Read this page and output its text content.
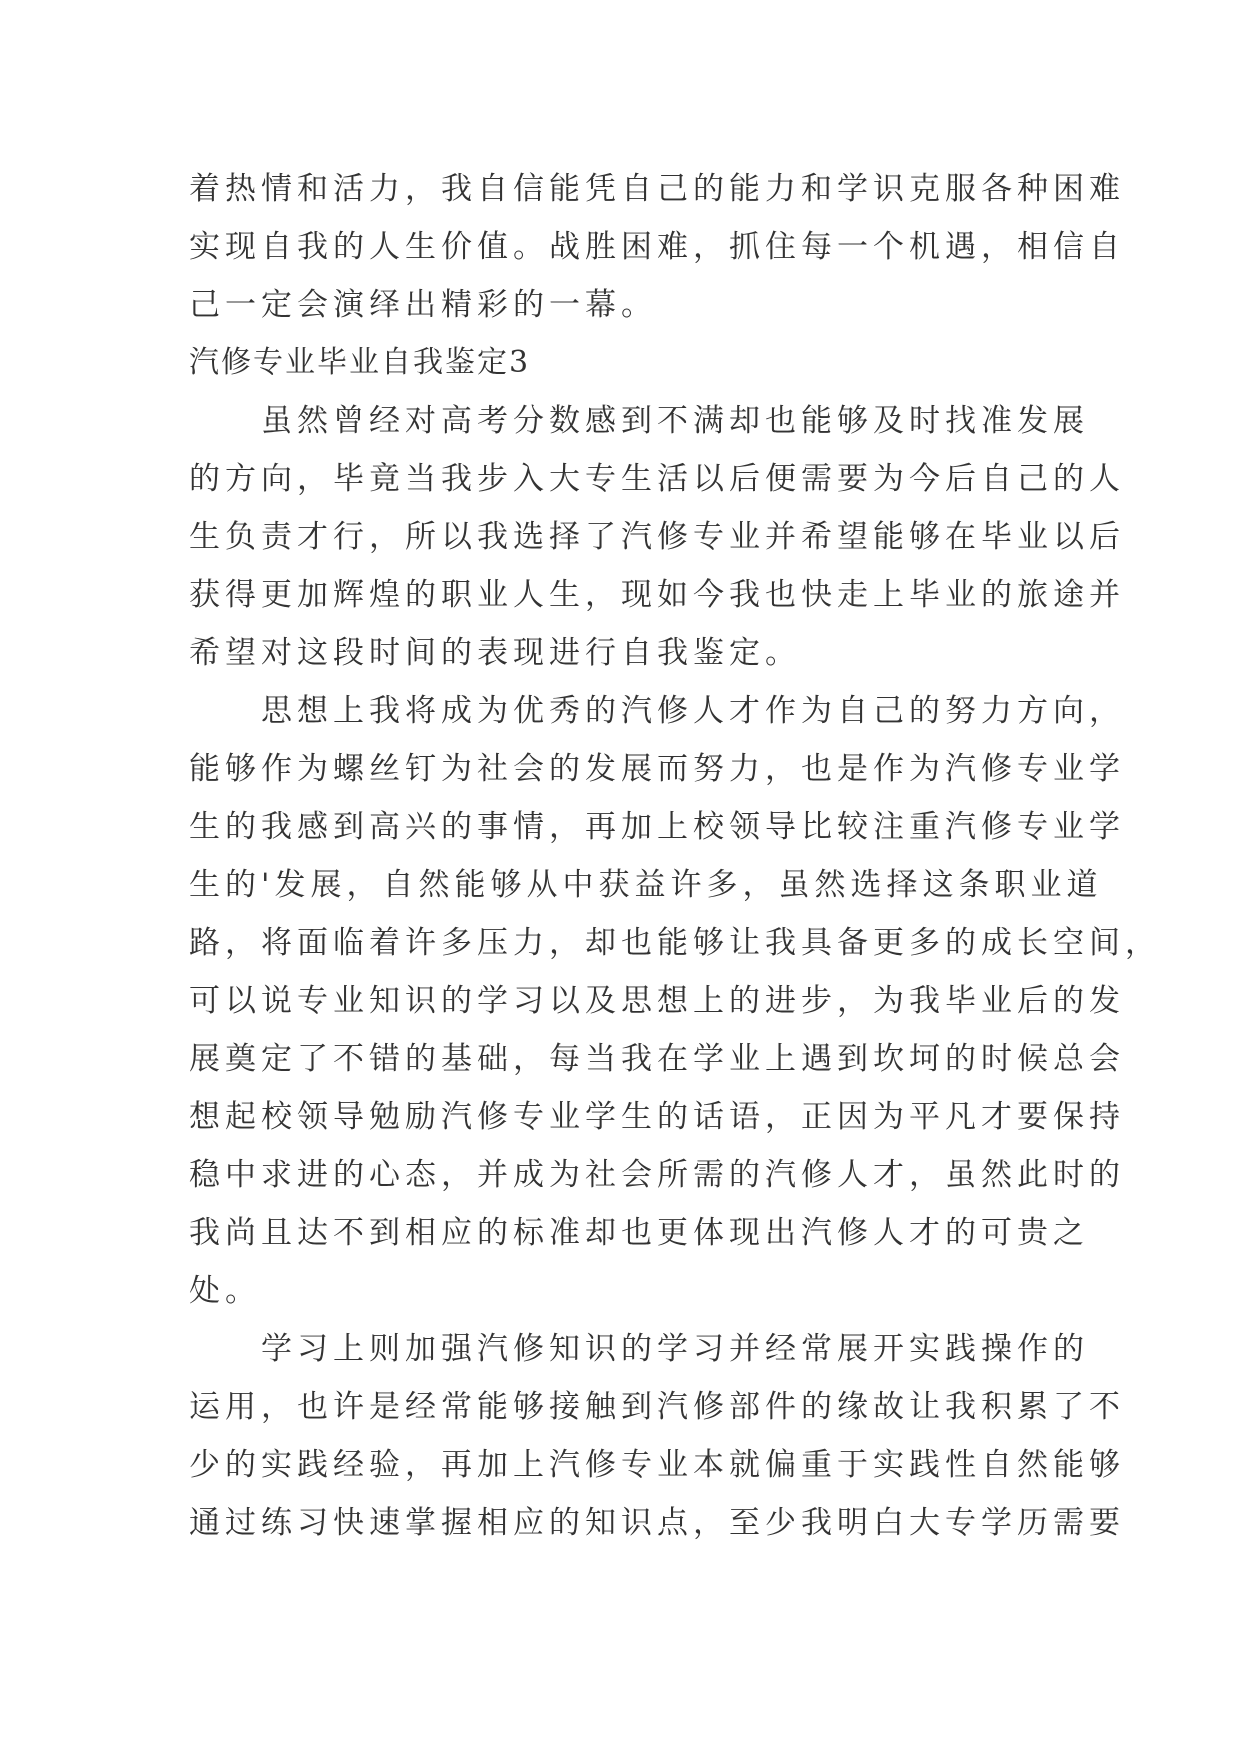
着热情和活力，我自信能凭自己的能力和学识克服各种困难
实现自我的人生价值。战胜困难，抓住每一个机遇，相信自
己一定会演绎出精彩的一幕。
汽修专业毕业自我鉴定3
虽然曾经对高考分数感到不满却也能够及时找准发展
的方向，毕竟当我步入大专生活以后便需要为今后自己的人
生负责才行，所以我选择了汽修专业并希望能够在毕业以后
获得更加辉煌的职业人生，现如今我也快走上毕业的旅途并
希望对这段时间的表现进行自我鉴定。
思想上我将成为优秀的汽修人才作为自己的努力方向，
能够作为螺丝钉为社会的发展而努力，也是作为汽修专业学
生的我感到高兴的事情，再加上校领导比较注重汽修专业学
生的'发展，自然能够从中获益许多，虽然选择这条职业道
路，将面临着许多压力，却也能够让我具备更多的成长空间，
可以说专业知识的学习以及思想上的进步，为我毕业后的发
展奠定了不错的基础，每当我在学业上遇到坎坷的时候总会
想起校领导勉励汽修专业学生的话语，正因为平凡才要保持
稳中求进的心态，并成为社会所需的汽修人才，虽然此时的
我尚且达不到相应的标准却也更体现出汽修人才的可贵之
处。
学习上则加强汽修知识的学习并经常展开实践操作的
运用，也许是经常能够接触到汽修部件的缘故让我积累了不
少的实践经验，再加上汽修专业本就偏重于实践性自然能够
通过练习快速掌握相应的知识点，至少我明白大专学历需要
